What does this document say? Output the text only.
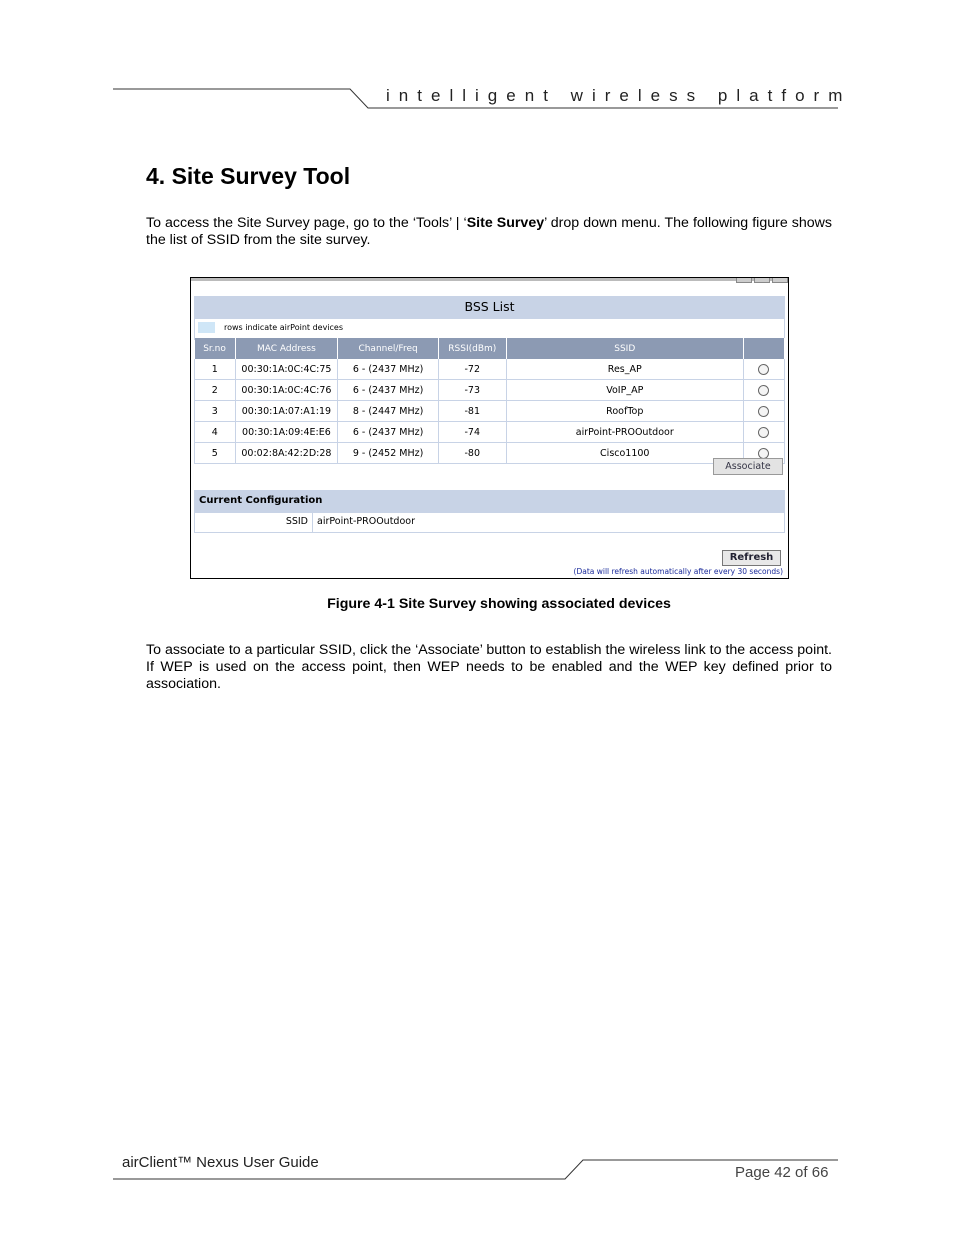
intelligent wireless platform
4. Site Survey Tool

To access the Site Survey page, go to the ‘Tools’ | ‘Site Survey’ drop down menu. The following figure shows the list of SSID from the site survey.

BSS List
rows indicate airPoint devices
Sr.no	MAC Address	Channel/Freq	RSSI(dBm)	SSID	
1	00:30:1A:0C:4C:75	6 - (2437 MHz)	-72	Res_AP	
2	00:30:1A:0C:4C:76	6 - (2437 MHz)	-73	VoIP_AP	
3	00:30:1A:07:A1:19	8 - (2447 MHz)	-81	RoofTop	
4	00:30:1A:09:4E:E6	6 - (2437 MHz)	-74	airPoint-PROOutdoor	
5	00:02:8A:42:2D:28	9 - (2452 MHz)	-80	Cisco1100	
Associate
Current Configuration
SSID airPoint-PROOutdoor
Refresh
(Data will refresh automatically after every 30 seconds)
Figure 4-1 Site Survey showing associated devices

To associate to a particular SSID, click the ‘Associate’ button to establish the wireless link to the access point. If WEP is used on the access point, then WEP needs to be enabled and the WEP key defined prior to association.

airClient™ Nexus User Guide
Page 42 of 66
